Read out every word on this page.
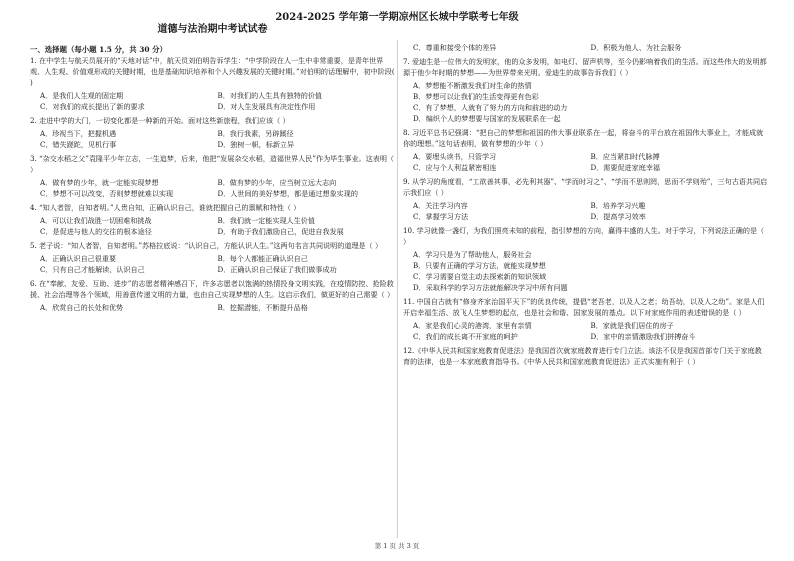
2024-2025 学年第一学期凉州区长城中学联考七年级
道德与法治期中考试试卷
一、选择题（每小题 1.5 分，共 30 分）
1. 在中学生与航天员展开的“天地对话”中，航天员刘伯明告诉学生：“中学阶段在人一生中非常重要，是青年世界观、人生观、价值观形成的关键时期，也是基础知识培养和个人兴趣发展的关键时期。”对伯明的话理解中，初中阶段( )
A．是我们人生观的固定期	B．对我们的人生具有独特的价值
C．对我们的成长提出了新的要求	D．对人生发展具有决定性作用
2. 走进中学的大门，一切变化都是一种新的开始。面对这些新旅程，我们应该（ ）
A．珍视当下，把握机遇	B．我行我素，另辟蹊径
C．错失蹉跎，见机行事	D．独树一帜，标新立异
3. “杂交水稻之父”袁隆平少年立志，一生追梦，后来，他把“发展杂交水稻，造福世界人民”作为毕生事业。这表明（ ）
A．做有梦的少年，就一定能实现梦想	B．做有梦的少年，应当树立远大志向
C．梦想不可以改变，否则梦想就难以实现	D．人世间的美好梦想，都是通过想象实现的
4. “知人者智，自知者明。”人贵自知，正确认识自己，谁就把握自己的禀赋和特性（ ）
A．可以让我们战胜一切困难和挑战	B．我们就一定能实现人生价值
C．是促进与他人的交往的根本途径	D．有助于我们激励自己，促进自我发展
5. 老子说：“知人者智，自知者明。”苏格拉底说：“认识自己，方能认识人生。”这两句名言共同说明的道理是（ ）
A．正确认识自己很重要	B．每个人都能正确认识自己
C．只有自己才能解读、认识自己	D．正确认识自己保证了我们做事成功
6. 在“奉献、友爱、互助、进步”的志愿者精神感召下，许多志愿者以饱满的热情投身文明实践，在疫情防控、抢险救援、社会治理等各个领域，用善意传递文明的力量，也由自己实现梦想的人生。这启示我们，做更好的自己需要（ ）
A．欣赏自己的长处和优势	B．挖掘潜能，不断提升品格
C．尊重和接受个体的差异	D．积极为他人、为社会服务
7. 爱迪生是一位伟大的发明家，他的众多发明，如电灯、留声机等，至今仍影响着我们的生活。而这些伟大的发明都源于他少年时期的梦想——为世界带来光明。爱迪生的故事告诉我们（ ）
A．梦想能不断激发我们对生命的热情
B．梦想可以让我们的生活变得更有色彩
C．有了梦想，人就有了努力的方向和前进的动力
D．编织个人的梦想要与国家的发展联系在一起
8. 习近平总书记强调：“把自己的梦想和祖国的伟大事业联系在一起，将奋斗的平台放在祖国伟大事业上，才能成就你的理想。”这句话表明，做有梦想的少年（ ）
A．要埋头读书，只管学习	B．应当紧扣时代脉搏
C．应与个人利益紧密相连	D．需要促进家庭幸福
9. 从学习的角度看，“工欲善其事，必先利其器”、“学而时习之”、“学而不思则罔，思而不学则殆”，三句古语共同启示我们应（ ）
A．关注学习内容	B．培养学习兴趣
C．掌握学习方法	D．提高学习效率
10. 学习就像一盏灯，为我们照亮未知的前程，指引梦想的方向，赢得丰盛的人生。对于学习，下列说法正确的是（ ）
A．学习只是为了帮助他人，服务社会
B．只要有正确的学习方法，就能实现梦想
C．学习需要自觉主动去探索新的知识领域
D．采取科学的学习方法就能解决学习中所有问题
11. 中国自古就有“修身齐家治国平天下”的优良传统，提倡“老吾老，以及人之老；幼吾幼，以及人之幼”。家是人们开启幸福生活、放飞人生梦想的起点，也是社会和谐、国家发展的基点。以下对家庭作用的表述错误的是（ ）
A．家是我们心灵的港湾，家里有亲情	B．家就是我们居住的房子
C．我们的成长离不开家庭的呵护	D．家中的亲情激励我们拼搏奋斗
12.《中华人民共和国家庭教育促进法》是我国首次就家庭教育进行专门立法。该法不仅是我国首部专门关于家庭教育的法律，也是一本家庭教育指导书。《中华人民共和国家庭教育促进法》正式实施有利于（ ）
第 1 页 共 3 页
